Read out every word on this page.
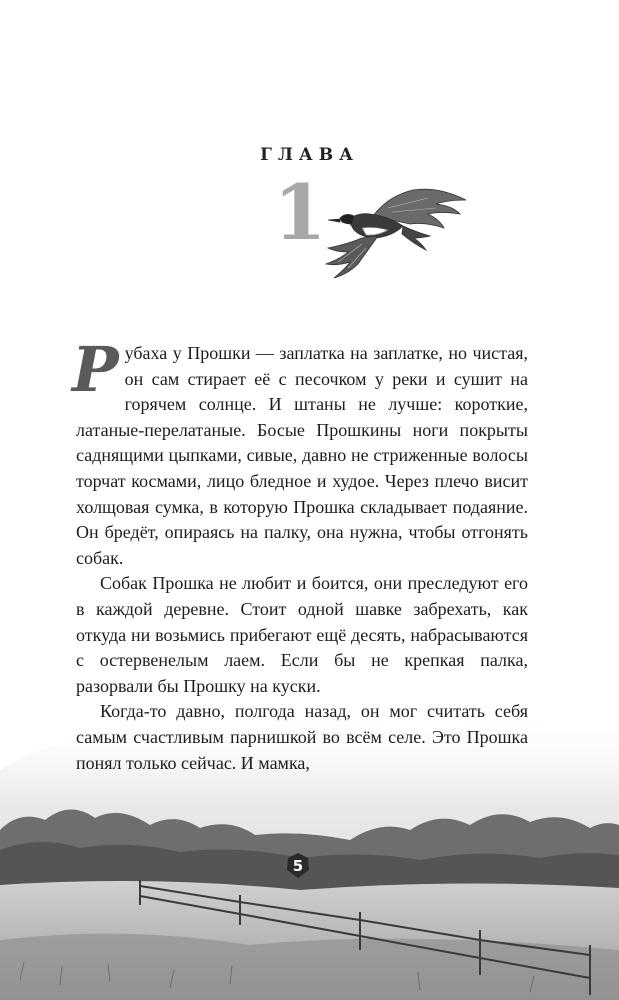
ГЛАВА
1

Рубаха у Прошки — заплатка на заплатке, но чистая, он сам стирает её с песочком у реки и сушит на горячем солнце. И штаны не лучше: короткие, латаные-перелатаные. Босые Прошкины ноги покрыты саднящими цыпками, сивые, давно не стриженные волосы торчат космами, лицо бледное и худое. Через плечо висит холщовая сумка, в которую Прошка складывает подаяние. Он бредёт, опираясь на палку, она нужна, чтобы отгонять собак.

Собак Прошка не любит и боится, они преследуют его в каждой деревне. Стоит одной шавке забрехать, как откуда ни возьмись прибегают ещё десять, набрасываются с остервенелым лаем. Если бы не крепкая палка, разорвали бы Прошку на куски.

Когда-то давно, полгода назад, он мог считать себя самым счастливым парнишкой во всём селе. Это Прошка понял только сейчас. И мамка,

5
